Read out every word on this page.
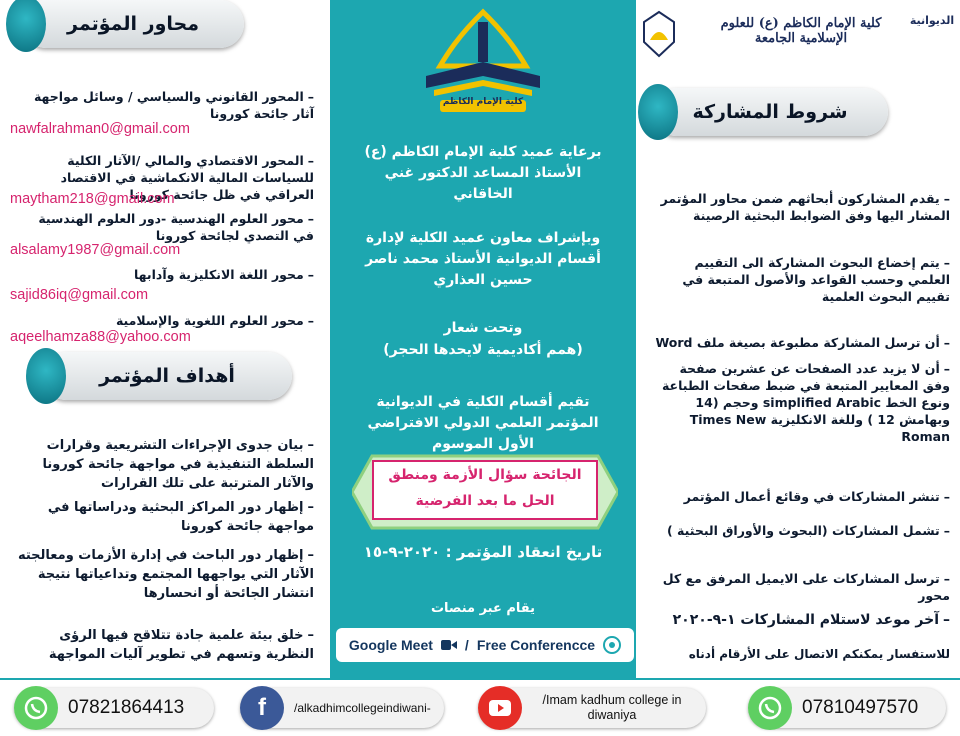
محاور المؤتمر
–المحور القانوني والسياسي / وسائل مواجهة آثار جائحة كورونا
nawfalrahman0@gmail.com
–المحور الاقتصادي والمالي /الآثار الكلية للسياسات المالية الانكماشية في الاقتصاد العراقي في ظل جائحة كورونا
maytham218@gmail.com
–محور العلوم الهندسية -دور العلوم الهندسية في التصدي لجائحة كورونا
alsalamy1987@gmail.com
–محور اللغة الانكليزية وآدابها
sajid86iq@gmail.com
–محور العلوم اللغوية والإسلامية
aqeelhamza88@yahoo.com
أهداف المؤتمر
–بيان جدوى الإجراءات التشريعية وقرارات السلطة التنفيذية في مواجهة جائحة كورونا والآثار المترتبة على تلك القرارات
–إظهار دور المراكز البحثية ودراساتها في مواجهة جائحة كورونا
–إظهار دور الباحث في إدارة الأزمات ومعالجته الآثار التي يواجهها المجتمع وتداعياتها نتيجة انتشار الجائحة أو انحسارها
–خلق بيئة علمية جادة تتلاقح فيها الرؤى النظرية وتسهم في تطوير آليات المواجهة
كلية الإمام الكاظم
برعاية عميد كلية الإمام الكاظم (ع) الأستاذ المساعد الدكتور غني الخاقاني
وبإشراف معاون عميد الكلية لإدارة أقسام الديوانية الأستاذ محمد ناصر حسين العذاري
وتحت شعار
(همم أكاديمية لايحدها الحجر)
تقيم أقسام الكلية في الديوانية المؤتمر العلمي الدولي الافتراضي الأول الموسوم
تاريخ انعقاد المؤتمر : ٢٠٢٠-٩-١٥
يقام عبر منصات
الجائحة سؤال الأزمة ومنطق الحل ما بعد الفرضية
Google Meet / Free Conferencce
كلية الإمام الكاظم (ع) للعلوم الإسلامية الجامعة
الديوانية
شروط المشاركة
–يقدم المشاركون أبحاثهم ضمن محاور المؤتمر المشار اليها وفق الضوابط البحثية الرصينة
–يتم إخضاع البحوث المشاركة الى التقييم العلمي وحسب القواعد والأصول المتبعة في تقييم البحوث العلمية
–أن ترسل المشاركة مطبوعة بصيغة ملف Word
–أن لا يزيد عدد الصفحات عن عشرين صفحة وفق المعايير المتبعة في ضبط صفحات الطباعة ونوع الخط simplified Arabic وحجم (14 وبهامش 12 ) وللغة الانكليزية Times New Roman
–تنشر المشاركات في وقائع أعمال المؤتمر
–تشمل المشاركات (البحوث والأوراق البحثية )
–ترسل المشاركات على الايميل المرفق مع كل محور
–آخر موعد لاستلام المشاركات ١-٩-٢٠٢٠
للاستفسار يمكنكم الاتصال على الأرقام أدناه
07821864413	f /alkadhimcollegeindiwani-
/Imam kadhum college in diwaniya	07810497570
